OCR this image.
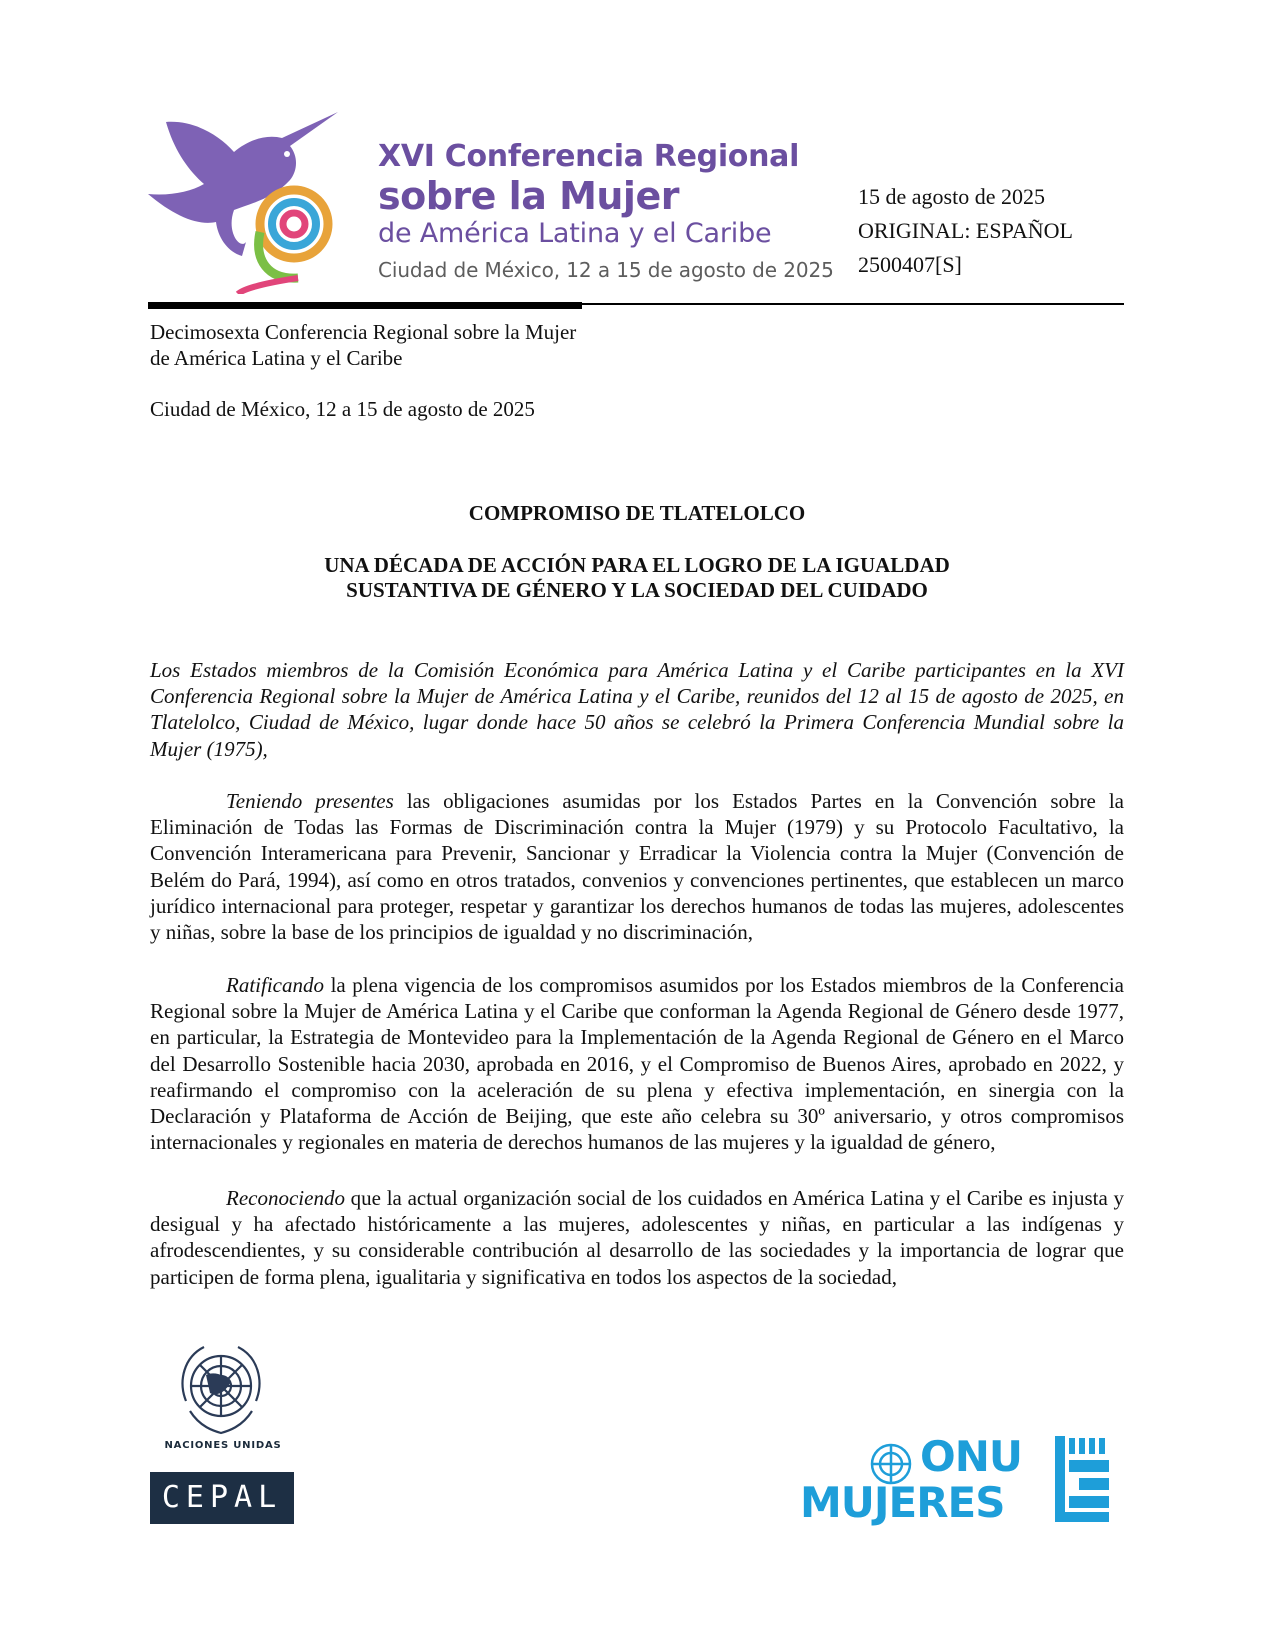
XVI Conferencia Regional
sobre la Mujer
de América Latina y el Caribe
Ciudad de México, 12 a 15 de agosto de 2025
15 de agosto de 2025
ORIGINAL: ESPAÑOL
2500407[S]
Decimosexta Conferencia Regional sobre la Mujer
de América Latina y el Caribe
Ciudad de México, 12 a 15 de agosto de 2025
COMPROMISO DE TLATELOLCO
UNA DÉCADA DE ACCIÓN PARA EL LOGRO DE LA IGUALDAD
SUSTANTIVA DE GÉNERO Y LA SOCIEDAD DEL CUIDADO
Los Estados miembros de la Comisión Económica para América Latina y el Caribe participantes en la XVI Conferencia Regional sobre la Mujer de América Latina y el Caribe, reunidos del 12 al 15 de agosto de 2025, en Tlatelolco, Ciudad de México, lugar donde hace 50 años se celebró la Primera Conferencia Mundial sobre la Mujer (1975),
Teniendo presentes las obligaciones asumidas por los Estados Partes en la Convención sobre la Eliminación de Todas las Formas de Discriminación contra la Mujer (1979) y su Protocolo Facultativo, la Convención Interamericana para Prevenir, Sancionar y Erradicar la Violencia contra la Mujer (Convención de Belém do Pará, 1994), así como en otros tratados, convenios y convenciones pertinentes, que establecen un marco jurídico internacional para proteger, respetar y garantizar los derechos humanos de todas las mujeres, adolescentes y niñas, sobre la base de los principios de igualdad y no discriminación,
Ratificando la plena vigencia de los compromisos asumidos por los Estados miembros de la Conferencia Regional sobre la Mujer de América Latina y el Caribe que conforman la Agenda Regional de Género desde 1977, en particular, la Estrategia de Montevideo para la Implementación de la Agenda Regional de Género en el Marco del Desarrollo Sostenible hacia 2030, aprobada en 2016, y el Compromiso de Buenos Aires, aprobado en 2022, y reafirmando el compromiso con la aceleración de su plena y efectiva implementación, en sinergia con la Declaración y Plataforma de Acción de Beijing, que este año celebra su 30º aniversario, y otros compromisos internacionales y regionales en materia de derechos humanos de las mujeres y la igualdad de género,
Reconociendo que la actual organización social de los cuidados en América Latina y el Caribe es injusta y desigual y ha afectado históricamente a las mujeres, adolescentes y niñas, en particular a las indígenas y afrodescendientes, y su considerable contribución al desarrollo de las sociedades y la importancia de lograr que participen de forma plena, igualitaria y significativa en todos los aspectos de la sociedad,
NACIONES UNIDAS
CEPAL
ONU
MUJERES
